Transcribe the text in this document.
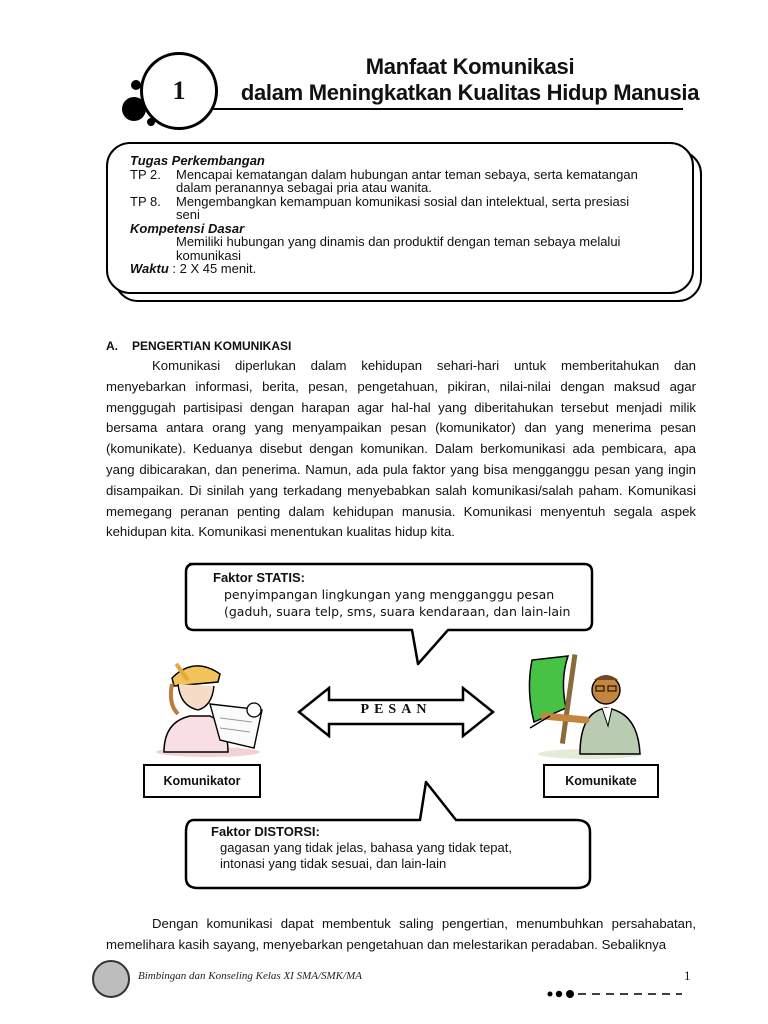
1
Manfaat Komunikasi
dalam Meningkatkan Kualitas Hidup Manusia
Tugas Perkembangan
TP 2. Mencapai kematangan dalam hubungan antar teman sebaya, serta kematangan
dalam peranannya sebagai pria atau wanita.
TP 8. Mengembangkan kemampuan komunikasi sosial dan intelektual, serta presiasi
seni
Kompetensi Dasar
Memiliki hubungan yang dinamis dan produktif dengan teman sebaya melalui
komunikasi
Waktu : 2 X 45 menit.
A. PENGERTIAN KOMUNIKASI
Komunikasi diperlukan dalam kehidupan sehari-hari untuk memberitahukan dan menyebarkan informasi, berita, pesan, pengetahuan, pikiran, nilai-nilai dengan maksud agar menggugah partisipasi dengan harapan agar hal-hal yang diberitahukan tersebut menjadi milik bersama antara orang yang menyampaikan pesan (komunikator) dan yang menerima pesan (komunikate). Keduanya disebut dengan komunikan. Dalam berkomunikasi ada pembicara, apa yang dibicarakan, dan penerima. Namun, ada pula faktor yang bisa mengganggu pesan yang ingin disampaikan. Di sinilah yang terkadang menyebabkan salah komunikasi/salah paham. Komunikasi memegang peranan penting dalam kehidupan manusia. Komunikasi menyentuh segala aspek kehidupan kita. Komunikasi menentukan kualitas hidup kita.
Faktor STATIS:
penyimpangan lingkungan yang mengganggu pesan
(gaduh, suara telp, sms, suara kendaraan, dan lain-lain
PESAN
Komunikator	Komunikate
Faktor DISTORSI:
gagasan yang tidak jelas, bahasa yang tidak tepat,
intonasi yang tidak sesuai, dan lain-lain
Dengan komunikasi dapat membentuk saling pengertian, menumbuhkan persahabatan, memelihara kasih sayang, menyebarkan pengetahuan dan melestarikan peradaban. Sebaliknya
Bimbingan dan Konseling Kelas XI SMA/SMK/MA	1
